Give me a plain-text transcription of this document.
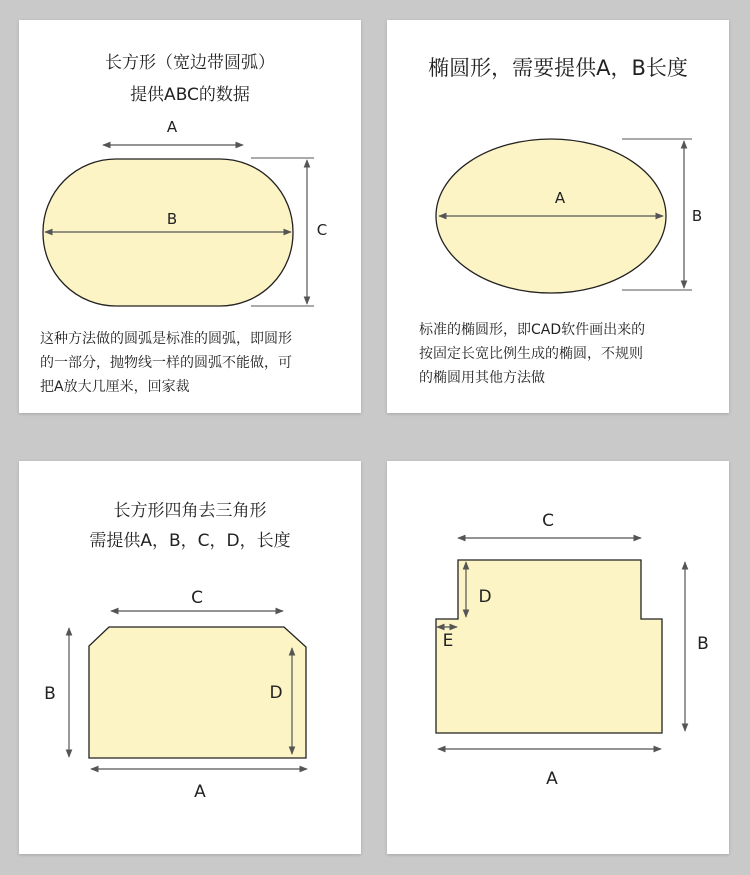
长方形（宽边带圆弧）
提供ABC的数据
A
B
C
这种方法做的圆弧是标准的圆弧，即圆形
的一部分，抛物线一样的圆弧不能做，可
把A放大几厘米，回家裁
椭圆形，需要提供A，B长度
A
B
标准的椭圆形，即CAD软件画出来的
按固定长宽比例生成的椭圆，不规则
的椭圆用其他方法做
长方形四角去三角形
需提供A，B，C，D，长度
C
B	D
A
C
D
E	B
A
